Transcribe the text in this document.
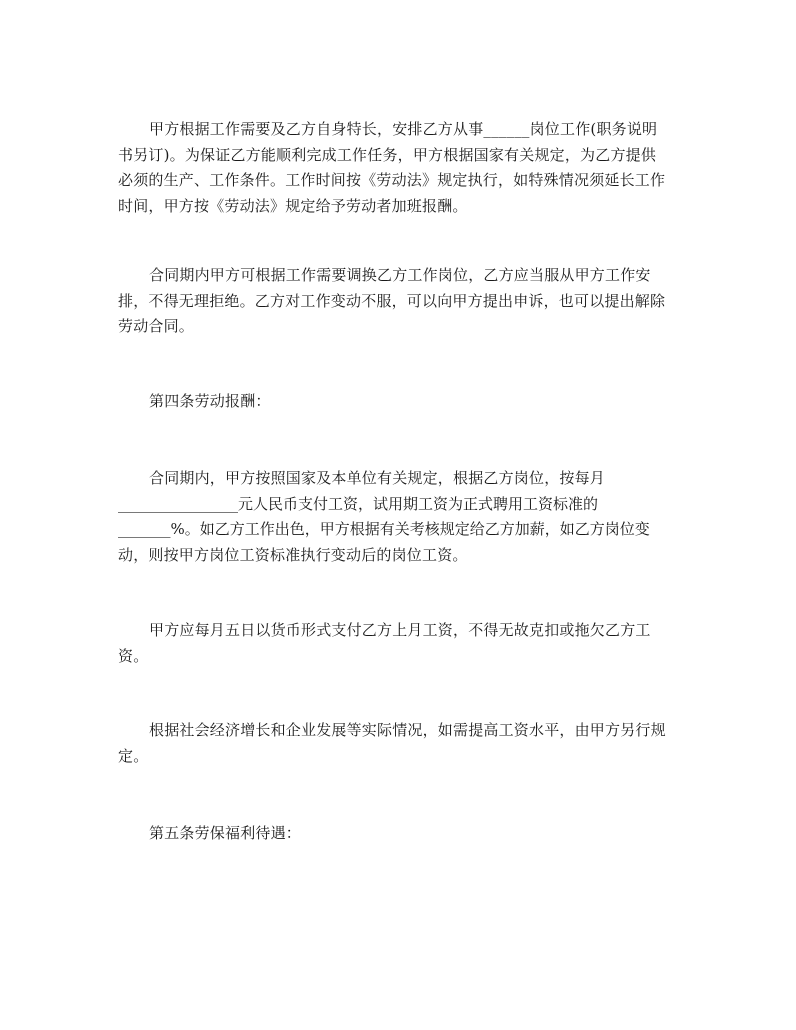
甲方根据工作需要及乙方自身特长，安排乙方从事______岗位工作(职务说明
书另订)。为保证乙方能顺利完成工作任务，甲方根据国家有关规定，为乙方提供
必须的生产、工作条件。工作时间按《劳动法》规定执行，如特殊情况须延长工作
时间，甲方按《劳动法》规定给予劳动者加班报酬。
合同期内甲方可根据工作需要调换乙方工作岗位，乙方应当服从甲方工作安
排，不得无理拒绝。乙方对工作变动不服，可以向甲方提出申诉，也可以提出解除
劳动合同。
第四条劳动报酬：
合同期内，甲方按照国家及本单位有关规定，根据乙方岗位，按每月
________________元人民币支付工资，试用期工资为正式聘用工资标准的
_______%。如乙方工作出色，甲方根据有关考核规定给乙方加薪，如乙方岗位变
动，则按甲方岗位工资标准执行变动后的岗位工资。
甲方应每月五日以货币形式支付乙方上月工资，不得无故克扣或拖欠乙方工
资。
根据社会经济增长和企业发展等实际情况，如需提高工资水平，由甲方另行规
定。
第五条劳保福利待遇：
